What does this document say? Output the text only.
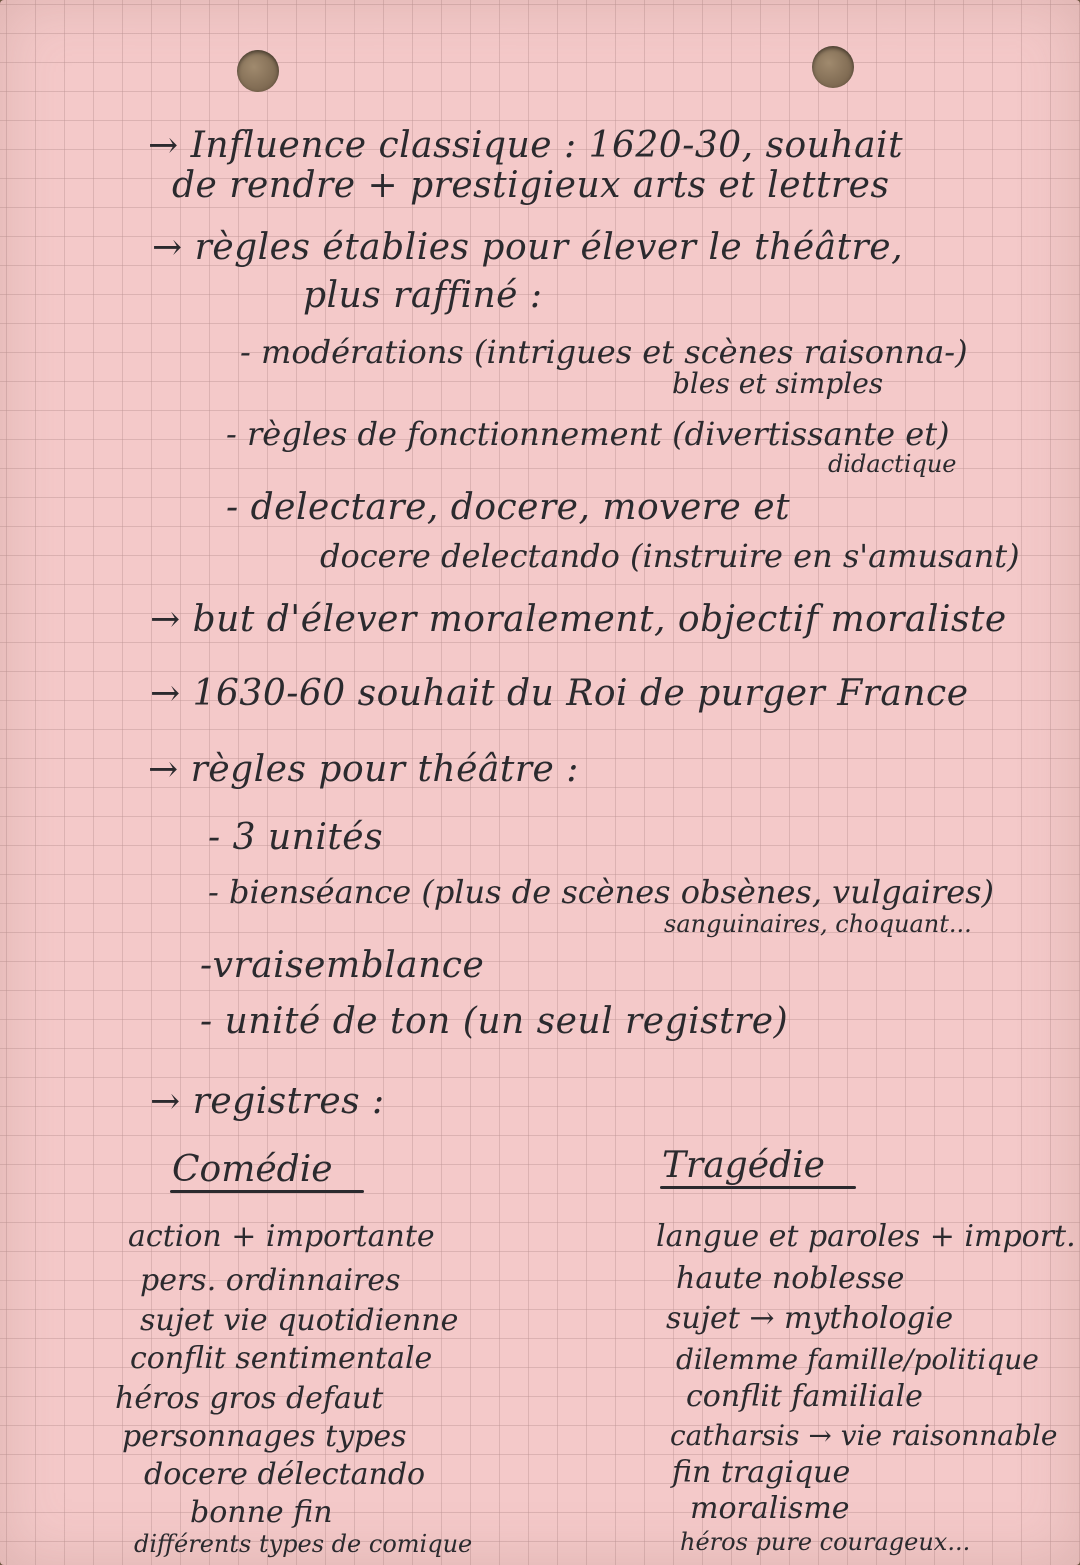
→ Influence classique : 1620-30, souhait

de rendre + prestigieux arts et lettres

→ règles établies pour élever le théâtre,

plus raffiné :

- modérations (intrigues et scènes raisonna-)

bles et simples

- règles de fonctionnement (divertissante et)

didactique

- delectare, docere, movere et

docere delectando (instruire en s'amusant)

→ but d'élever moralement, objectif moraliste

→ 1630-60 souhait du Roi de purger France

→ règles pour théâtre :

- 3 unités

- bienséance (plus de scènes obsènes, vulgaires)

sanguinaires, choquant...

-vraisemblance

- unité de ton (un seul registre)

→ registres :

Comédie

action + importante

pers. ordinnaires

sujet vie quotidienne

conflit sentimentale

héros gros defaut

personnages types

docere délectando

bonne fin

différents types de comique

Tragédie

langue et paroles + import.

haute noblesse

sujet → mythologie

dilemme famille/politique

conflit familiale

catharsis → vie raisonnable

fin tragique

moralisme

héros pure courageux...
